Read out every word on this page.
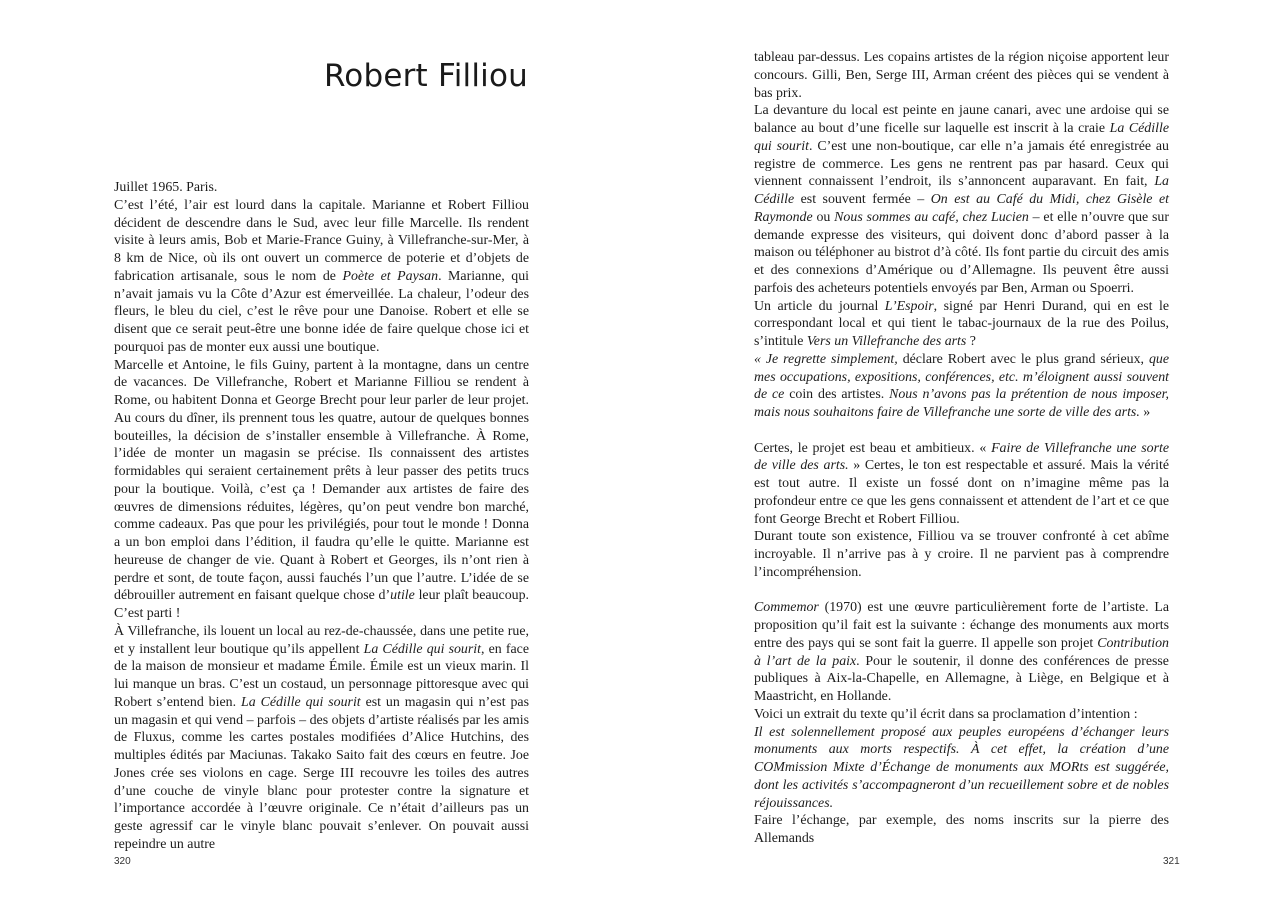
Robert Filliou

Juillet 1965. Paris.

C’est l’été, l’air est lourd dans la capitale. Marianne et Robert Filliou décident de descendre dans le Sud, avec leur fille Marcelle. Ils rendent visite à leurs amis, Bob et Marie-France Guiny, à Villefranche-sur-Mer, à 8 km de Nice, où ils ont ouvert un commerce de poterie et d’objets de fabrication artisanale, sous le nom de Poète et Paysan. Marianne, qui n’avait jamais vu la Côte d’Azur est émerveillée. La chaleur, l’odeur des fleurs, le bleu du ciel, c’est le rêve pour une Danoise. Robert et elle se disent que ce serait peut-être une bonne idée de faire quelque chose ici et pourquoi pas de monter eux aussi une boutique.

Marcelle et Antoine, le fils Guiny, partent à la montagne, dans un centre de vacances. De Villefranche, Robert et Marianne Filliou se rendent à Rome, ou habitent Donna et George Brecht pour leur parler de leur projet. Au cours du dîner, ils prennent tous les quatre, autour de quelques bonnes bouteilles, la décision de s’installer ensemble à Villefranche. À Rome, l’idée de monter un magasin se précise. Ils connaissent des artistes formidables qui seraient certainement prêts à leur passer des petits trucs pour la boutique. Voilà, c’est ça ! Demander aux artistes de faire des œuvres de dimensions réduites, légères, qu’on peut vendre bon marché, comme cadeaux. Pas que pour les privilégiés, pour tout le monde ! Donna a un bon emploi dans l’édition, il faudra qu’elle le quitte. Marianne est heureuse de changer de vie. Quant à Robert et Georges, ils n’ont rien à perdre et sont, de toute façon, aussi fauchés l’un que l’autre. L’idée de se débrouiller autrement en faisant quelque chose d’utile leur plaît beaucoup. C’est parti !

À Villefranche, ils louent un local au rez-de-chaussée, dans une petite rue, et y installent leur boutique qu’ils appellent La Cédille qui sourit, en face de la maison de monsieur et madame Émile. Émile est un vieux marin. Il lui manque un bras. C’est un costaud, un personnage pittoresque avec qui Robert s’entend bien. La Cédille qui sourit est un magasin qui n’est pas un magasin et qui vend – parfois – des objets d’artiste réalisés par les amis de Fluxus, comme les cartes postales modifiées d’Alice Hutchins, des multiples édités par Maciunas. Takako Saito fait des cœurs en feutre. Joe Jones crée ses violons en cage. Serge III recouvre les toiles des autres d’une couche de vinyle blanc pour protester contre la signature et l’importance accordée à l’œuvre originale. Ce n’était d’ailleurs pas un geste agressif car le vinyle blanc pouvait s’enlever. On pouvait aussi repeindre un autre

320

tableau par-dessus. Les copains artistes de la région niçoise apportent leur concours. Gilli, Ben, Serge III, Arman créent des pièces qui se vendent à bas prix.

La devanture du local est peinte en jaune canari, avec une ardoise qui se balance au bout d’une ficelle sur laquelle est inscrit à la craie La Cédille qui sourit. C’est une non-boutique, car elle n’a jamais été enregistrée au registre de commerce. Les gens ne rentrent pas par hasard. Ceux qui viennent connaissent l’endroit, ils s’annoncent auparavant. En fait, La Cédille est souvent fermée – On est au Café du Midi, chez Gisèle et Raymonde ou Nous sommes au café, chez Lucien – et elle n’ouvre que sur demande expresse des visiteurs, qui doivent donc d’abord passer à la maison ou téléphoner au bistrot d’à côté. Ils font partie du circuit des amis et des connexions d’Amérique ou d’Allemagne. Ils peuvent être aussi parfois des acheteurs potentiels envoyés par Ben, Arman ou Spoerri.

Un article du journal L’Espoir, signé par Henri Durand, qui en est le correspondant local et qui tient le tabac-journaux de la rue des Poilus, s’intitule Vers un Villefranche des arts ?

« Je regrette simplement, déclare Robert avec le plus grand sérieux, que mes occupations, expositions, conférences, etc. m’éloignent aussi souvent de ce coin des artistes. Nous n’avons pas la prétention de nous imposer, mais nous souhaitons faire de Villefranche une sorte de ville des arts. »

Certes, le projet est beau et ambitieux. « Faire de Villefranche une sorte de ville des arts. » Certes, le ton est respectable et assuré. Mais la vérité est tout autre. Il existe un fossé dont on n’imagine même pas la profondeur entre ce que les gens connaissent et attendent de l’art et ce que font George Brecht et Robert Filliou.

Durant toute son existence, Filliou va se trouver confronté à cet abîme incroyable. Il n’arrive pas à y croire. Il ne parvient pas à comprendre l’incompréhension.

Commemor (1970) est une œuvre particulièrement forte de l’artiste. La proposition qu’il fait est la suivante : échange des monuments aux morts entre des pays qui se sont fait la guerre. Il appelle son projet Contribution à l’art de la paix. Pour le soutenir, il donne des conférences de presse publiques à Aix-la-Chapelle, en Allemagne, à Liège, en Belgique et à Maastricht, en Hollande.

Voici un extrait du texte qu’il écrit dans sa proclamation d’intention :

Il est solennellement proposé aux peuples européens d’échanger leurs monuments aux morts respectifs. À cet effet, la création d’une COMmission Mixte d’Échange de monuments aux MORts est suggérée, dont les activités s’accompagneront d’un recueillement sobre et de nobles réjouissances.

Faire l’échange, par exemple, des noms inscrits sur la pierre des Allemands

321
